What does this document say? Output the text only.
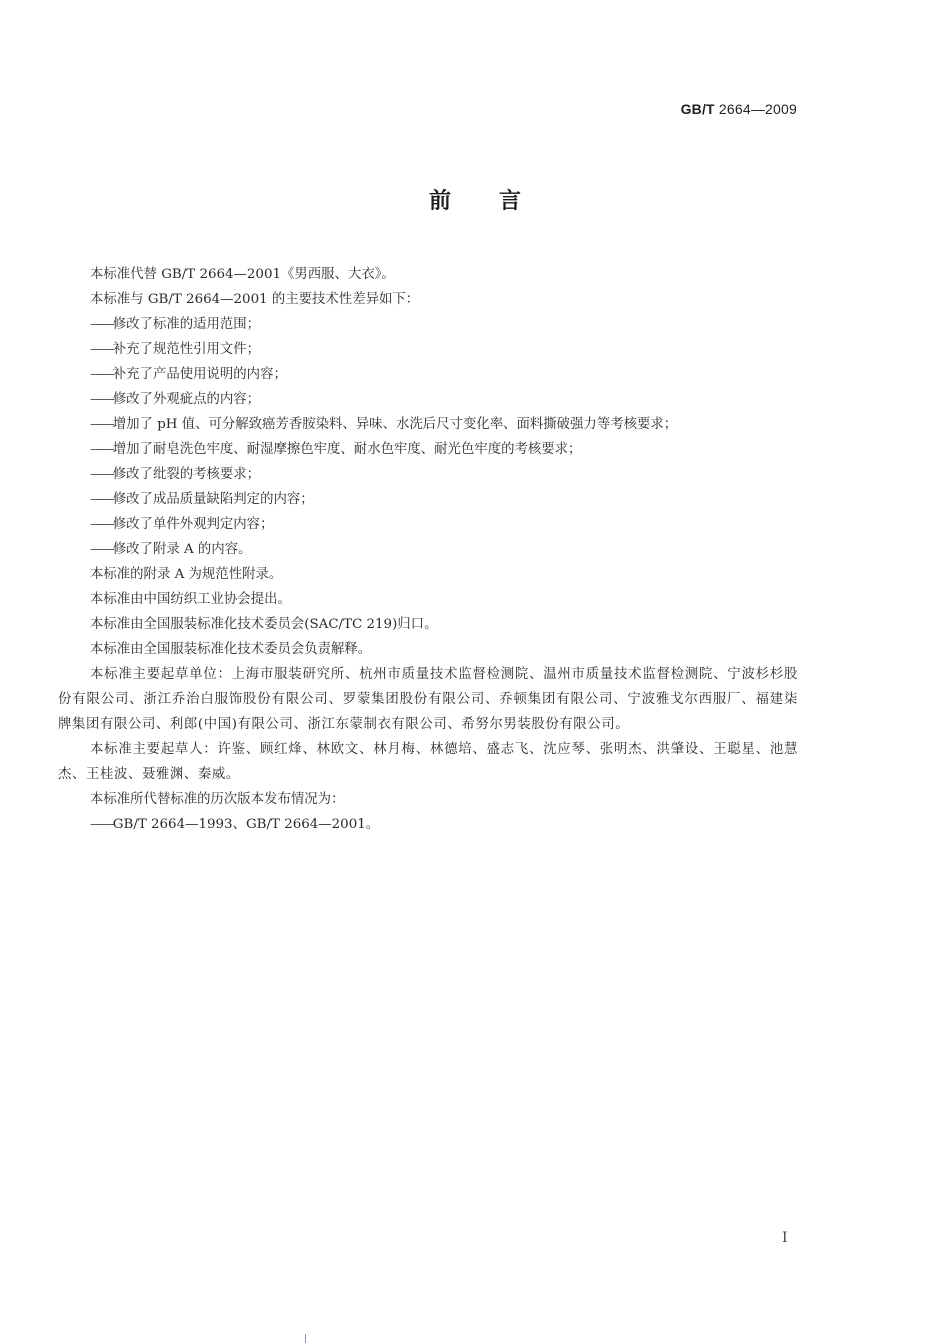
GB/T 2664—2009
前言

本标准代替 GB/T 2664—2001《男西服、大衣》。

本标准与 GB/T 2664—2001 的主要技术性差异如下：

——修改了标准的适用范围；

——补充了规范性引用文件；

——补充了产品使用说明的内容；

——修改了外观疵点的内容；

——增加了 pH 值、可分解致癌芳香胺染料、异味、水洗后尺寸变化率、面料撕破强力等考核要求；

——增加了耐皂洗色牢度、耐湿摩擦色牢度、耐水色牢度、耐光色牢度的考核要求；

——修改了纰裂的考核要求；

——修改了成品质量缺陷判定的内容；

——修改了单件外观判定内容；

——修改了附录 A 的内容。

本标准的附录 A 为规范性附录。

本标准由中国纺织工业协会提出。

本标准由全国服装标准化技术委员会(SAC/TC 219)归口。

本标准由全国服装标准化技术委员会负责解释。

本标准主要起草单位：上海市服装研究所、杭州市质量技术监督检测院、温州市质量技术监督检测院、宁波杉杉股份有限公司、浙江乔治白服饰股份有限公司、罗蒙集团股份有限公司、乔顿集团有限公司、宁波雅戈尔西服厂、福建柒牌集团有限公司、利郎(中国)有限公司、浙江东蒙制衣有限公司、希努尔男装股份有限公司。

本标准主要起草人：许鉴、顾红烽、林欧文、林月梅、林德培、盛志飞、沈应琴、张明杰、洪肇设、王聪星、池慧杰、王桂波、聂雅渊、秦威。

本标准所代替标准的历次版本发布情况为：

——GB/T 2664—1993、GB/T 2664—2001。

I
